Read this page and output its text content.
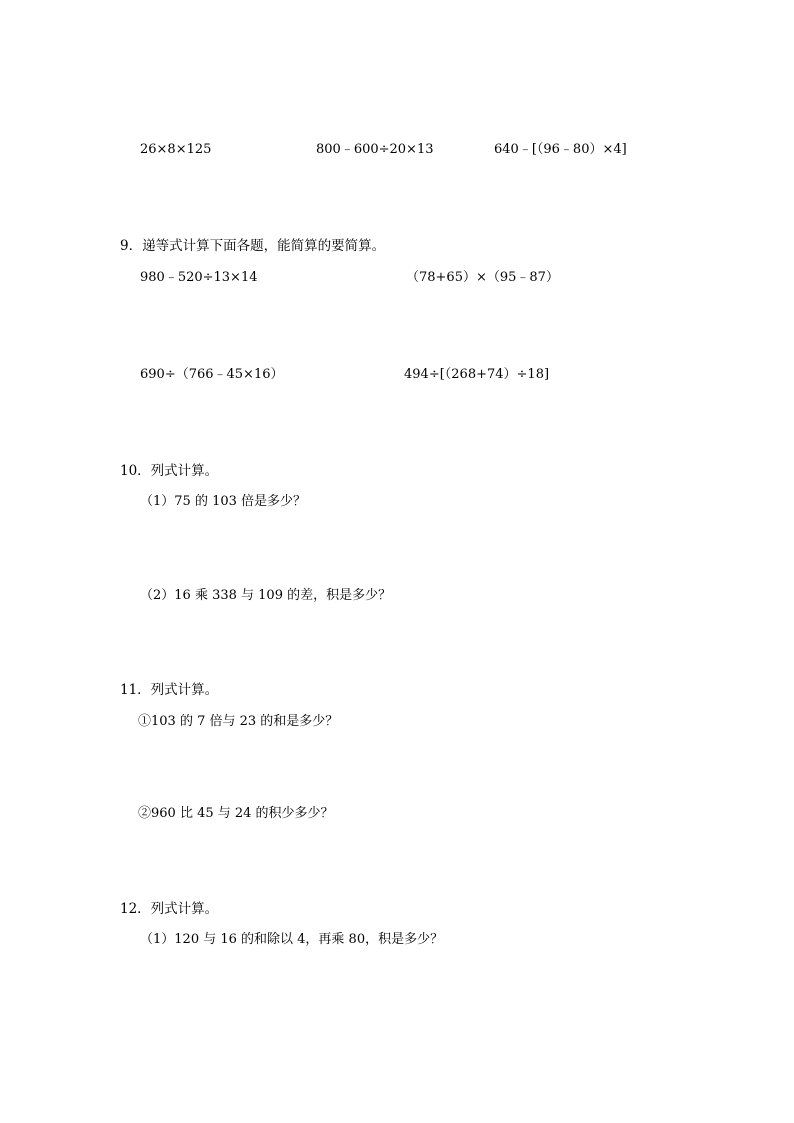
26×8×125	800﹣600÷20×13	640﹣[（96﹣80）×4]
9．递等式计算下面各题，能简算的要简算。
980﹣520÷13×14	（78+65）×（95﹣87）
690÷（766﹣45×16）	494÷[（268+74）÷18]
10．列式计算。
（1）75 的 103 倍是多少？
（2）16 乘 338 与 109 的差，积是多少？
11．列式计算。
①103 的 7 倍与 23 的和是多少？
②960 比 45 与 24 的积少多少？
12．列式计算。
（1）120 与 16 的和除以 4，再乘 80，积是多少？
